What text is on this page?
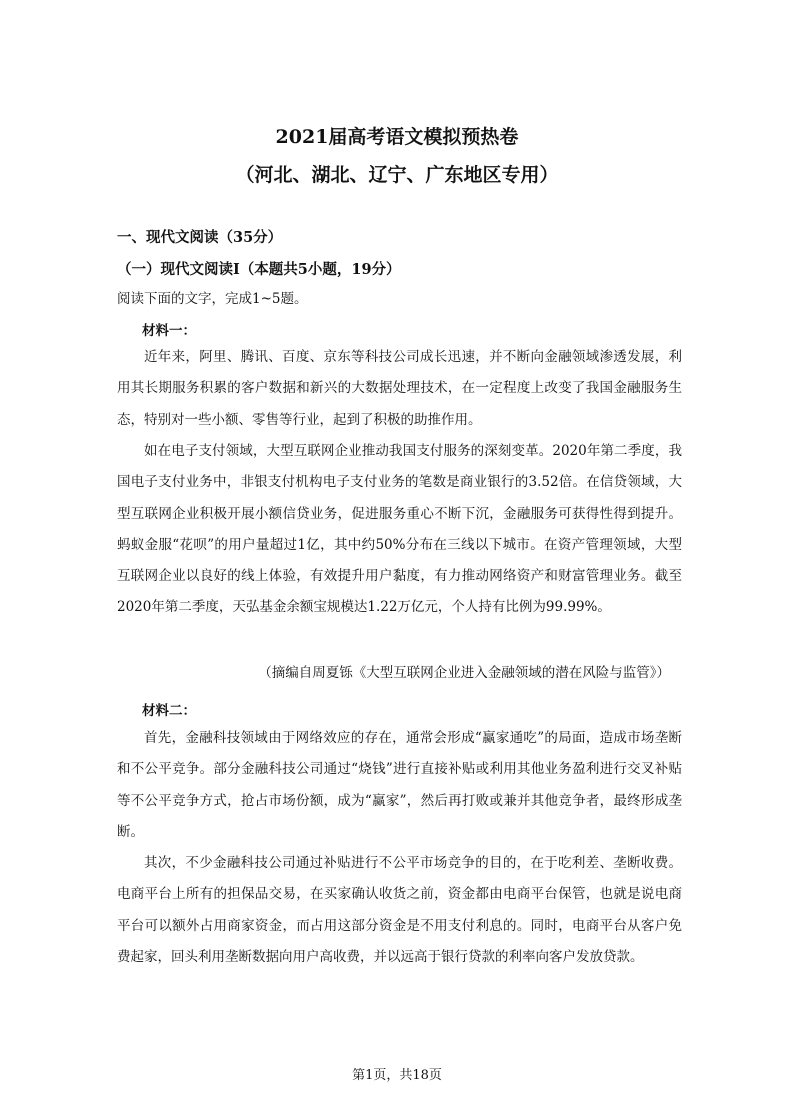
2021届高考语文模拟预热卷
（河北、湖北、辽宁、广东地区专用）
一、现代文阅读（35分）
（一）现代文阅读Ⅰ（本题共5小题，19分）
阅读下面的文字，完成1~5题。
材料一：

近年来，阿里、腾讯、百度、京东等科技公司成长迅速，并不断向金融领域渗透发展，利用其长期服务积累的客户数据和新兴的大数据处理技术，在一定程度上改变了我国金融服务生态，特别对一些小额、零售等行业，起到了积极的助推作用。

如在电子支付领域，大型互联网企业推动我国支付服务的深刻变革。2020年第二季度，我国电子支付业务中，非银支付机构电子支付业务的笔数是商业银行的3.52倍。在信贷领域，大型互联网企业积极开展小额信贷业务，促进服务重心不断下沉，金融服务可获得性得到提升。蚂蚁金服“花呗”的用户量超过1亿，其中约50%分布在三线以下城市。在资产管理领域，大型互联网企业以良好的线上体验，有效提升用户黏度，有力推动网络资产和财富管理业务。截至2020年第二季度，天弘基金余额宝规模达1.22万亿元，个人持有比例为99.99%。

（摘编自周夏铄《大型互联网企业进入金融领域的潜在风险与监管》）
材料二：

首先，金融科技领域由于网络效应的存在，通常会形成“赢家通吃”的局面，造成市场垄断和不公平竞争。部分金融科技公司通过“烧钱”进行直接补贴或利用其他业务盈利进行交叉补贴等不公平竞争方式，抢占市场份额，成为“赢家”，然后再打败或兼并其他竞争者，最终形成垄断。

其次，不少金融科技公司通过补贴进行不公平市场竞争的目的，在于吃利差、垄断收费。电商平台上所有的担保品交易，在买家确认收货之前，资金都由电商平台保管，也就是说电商平台可以额外占用商家资金，而占用这部分资金是不用支付利息的。同时，电商平台从客户免费起家，回头利用垄断数据向用户高收费，并以远高于银行贷款的利率向客户发放贷款。

第1页，共18页
